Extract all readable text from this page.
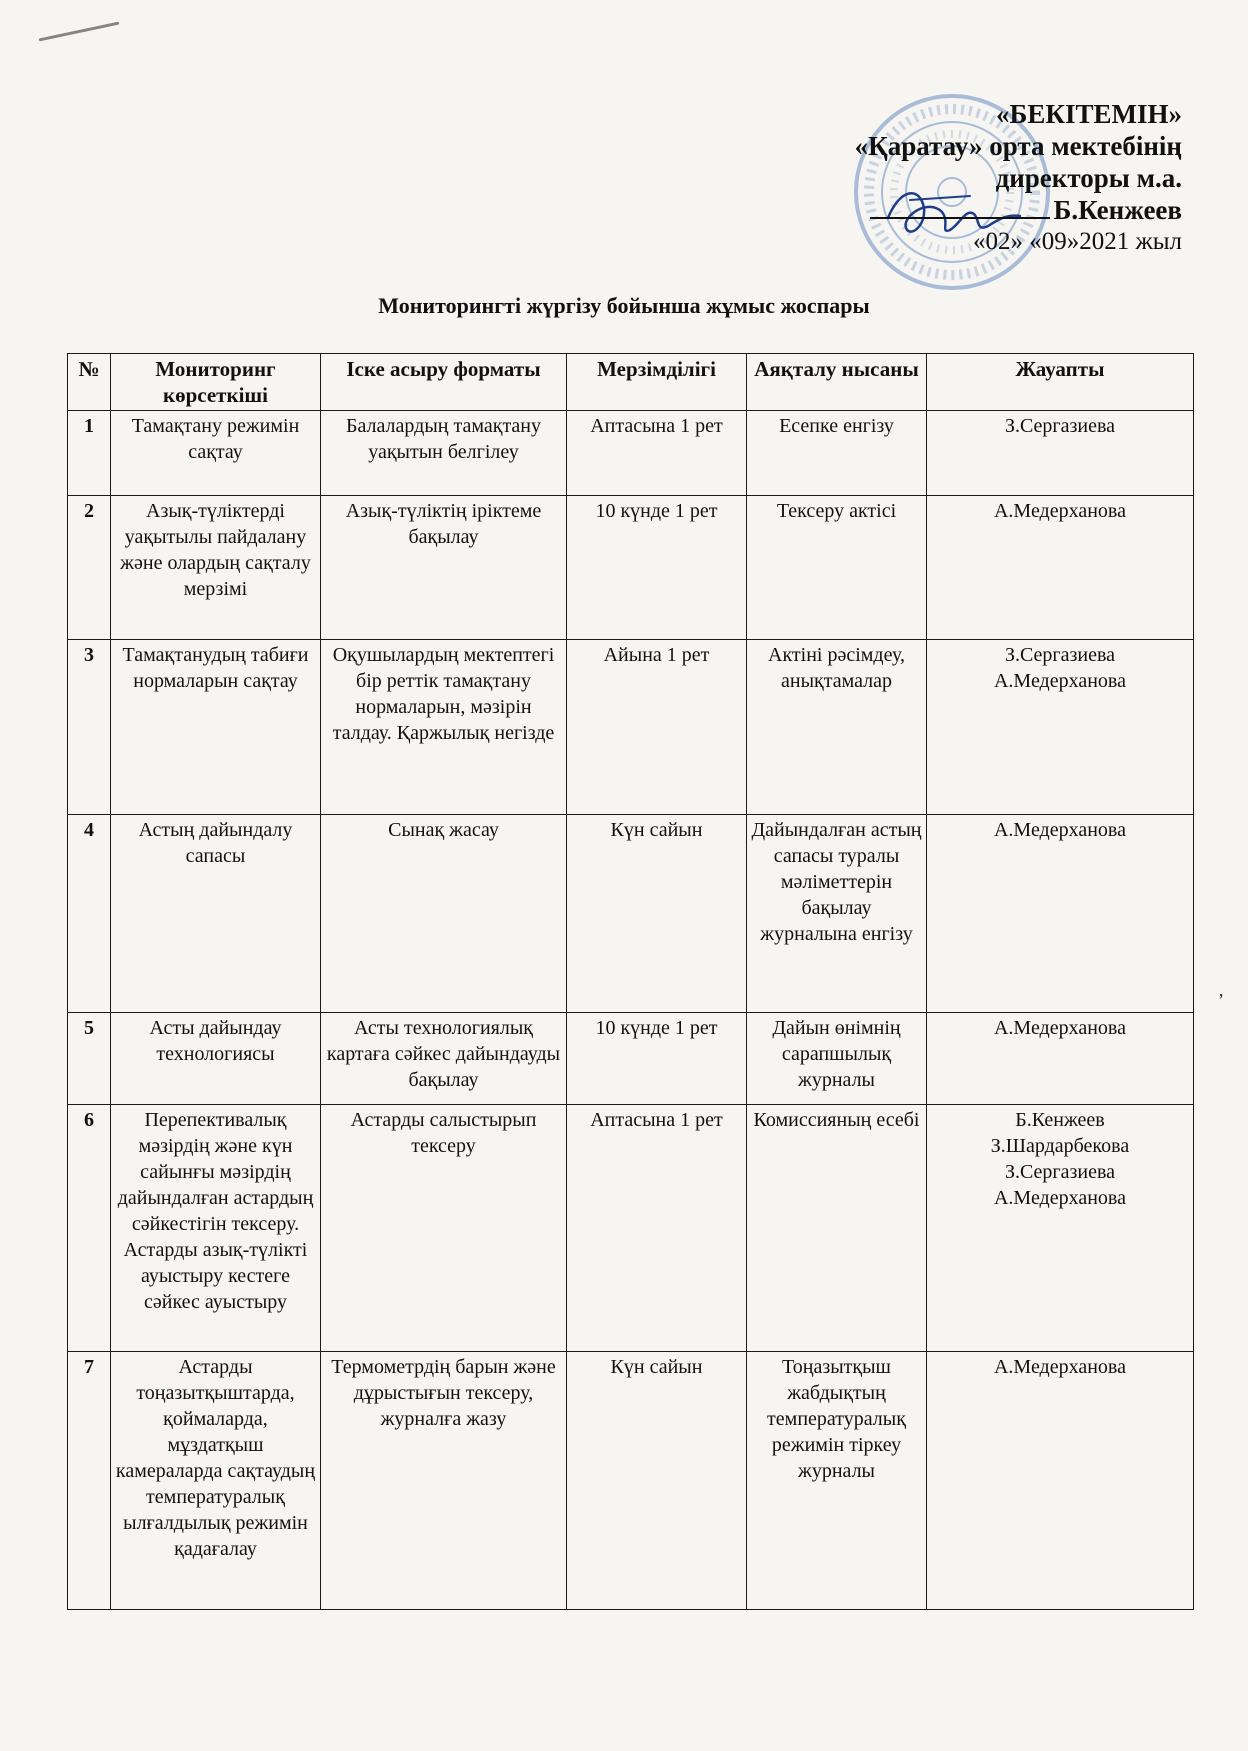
«БЕКІТЕМІН»
«Қаратау» орта мектебінің
директоры м.а.
Б.Кенжеев
«02» «09»2021 жыл
Мониторингті жүргізу бойынша жұмыс жоспары
№	Мониторинг көрсеткіші	Іске асыру форматы	Мерзімділігі	Аяқталу нысаны	Жауапты
1	Тамақтану режимін сақтау	Балалардың тамақтану уақытын белгілеу	Аптасына 1 рет	Есепке енгізу	З.Сергазиева
2	Азық-түліктерді уақытылы пайдалану және олардың сақталу мерзімі	Азық-түліктің іріктеме бақылау	10 күнде 1 рет	Тексеру актісі	А.Медерханова
3	Тамақтанудың табиғи нормаларын сақтау	Оқушылардың мектептегі бір реттік тамақтану нормаларын, мәзірін талдау. Қаржылық негізде	Айына 1 рет	Актіні рәсімдеу, анықтамалар	З.Сергазиева
А.Медерханова
4	Астың дайындалу сапасы	Сынақ жасау	Күн сайын	Дайындалған астың сапасы туралы мәліметтерін бақылау журналына енгізу	А.Медерханова
5	Асты дайындау технологиясы	Асты технологиялық картаға сәйкес дайындауды бақылау	10 күнде 1 рет	Дайын өнімнің сарапшылық журналы	А.Медерханова
6	Перепективалық мәзірдің және күн сайынғы мәзірдің дайындалған астардың сәйкестігін тексеру. Астарды азық-түлікті ауыстыру кестеге сәйкес ауыстыру	Астарды салыстырып тексеру	Аптасына 1 рет	Комиссияның есебі	Б.Кенжеев
З.Шардарбекова
З.Сергазиева
А.Медерханова
7	Астарды тоңазытқыштарда, қоймаларда, мұздатқыш камераларда сақтаудың температуралық ылғалдылық режимін қадағалау	Термометрдің барын және дұрыстығын тексеру, журналға жазу	Күн сайын	Тоңазытқыш жабдықтың температуралық режимін тіркеу журналы	А.Медерханова
’
